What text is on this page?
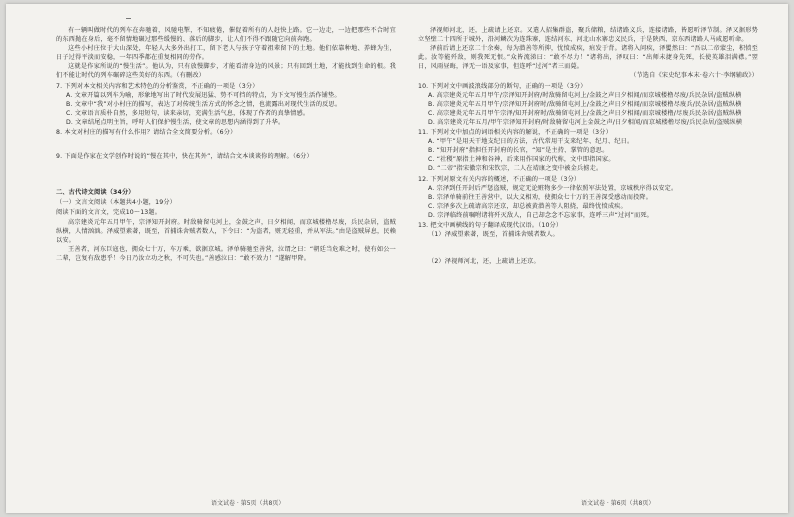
有一辆叫做时代的列车在奔驰着，风驰电掣，不知疲倦，催促着所有的人赶快上路。它一边走，一边把那些不合时宜的东西抛在身后，毫不留情地碾过那些缓慢的、落后的脚步，让人们不得不跟随它向前奔跑。

这些小村庄位于大山深处，年轻人大多外出打工，留下老人与孩子守着祖辈留下的土地。他们依靠种地、养蜂为生，日子过得平淡而安稳，一年四季都在重复相同的劳作。

这就是作家所说的“慢生活”。他认为，只有放慢脚步，才能看清身边的风景；只有回到土地，才能找到生命的根。我们不能让时代的列车碾碎这些美好的东西。（有删改）

7. 下列对本文相关内容和艺术特色的分析鉴赏，不正确的一项是（3分）

A. 文章开篇以列车为喻，形象地写出了时代发展迅猛、势不可挡的特点，为下文写慢生活作铺垫。

B. 文章中“我”对小村庄的描写，表达了对传统生活方式的怀念之情，也流露出对现代生活的反思。

C. 文章语言质朴自然，多用短句，读来亲切，充满生活气息，体现了作者的真挚情感。

D. 文章结尾点明主旨，呼吁人们保护慢生活，使文章的思想内涵得到了升华。

8. 本文对村庄的描写有什么作用？请结合全文简要分析。（6分）

9. 下面是作家在文学创作时说的“慢在其中，快在其外”，请结合文本谈谈你的理解。（6分）

二、古代诗文阅读（34分）

（一）文言文阅读（本题共4小题，19分）

阅读下面的文言文，完成10～13题。

高宗建炎元年五月甲午，宗泽知开封府。时敌骑留屯河上，金鼓之声，日夕相闻，而京城楼橹尽废，兵民杂居，盗贼纵横，人情汹汹。泽威望素著，既至，首捕诛舍贼者数人，下令曰：“为盗者，赃无轻重，并从军法。”由是盗贼屏息，民赖以安。

王善者，河东巨寇也，拥众七十万，车万乘，欲据京城。泽单骑驰至善营，泣谓之曰：“朝廷当危难之时，使有如公一二辈，岂复有敌患乎！今日乃汝立功之秋，不可失也。”善感泣曰：“敢不效力！”遂解甲降。

泽视师河北，还，上疏请上还京。又遣人招集群盗，聚兵储粮，结诸路义兵，连接诸路，皆愿听泽节制。泽又据形势立坚壁二十四所于城外，沿河鳞次为连珠寨，连结河东、河北山水寨忠义民兵，于是陕西、京东西诸路人马咸愿听命。

泽前后请上还京二十余奏，每为潜善等所抑，忧愤成疾，疽发于背。诸将入问疾，泽矍然曰：“吾以二帝蒙尘，积愤至此。汝等能歼敌，则我死无恨。”众皆流涕曰：“敢不尽力！”诸将出，泽叹曰：“出师未捷身先死，长使英雄泪满襟。”翌日，风雨昼晦，泽无一语及家事，但连呼“过河”者三而薨。

（节选自《宋史纪事本末·卷六十·李纲辅政》）

10. 下列对文中画波浪线部分的断句，正确的一项是（3分）

A. 高宗建炎元年五月甲午/宗泽知开封府/时敌骑留屯河上/金鼓之声日夕相闻/而京城楼橹尽废/兵民杂居/盗贼纵横

B. 高宗建炎元年五月甲午/宗泽知开封府时/敌骑留屯河上/金鼓之声日夕相闻/而京城楼橹尽废兵/民杂居/盗贼纵横

C. 高宗建炎元年五月甲午宗泽/知开封府时/敌骑留屯河上/金鼓之声日夕相闻/而京城楼橹/尽废兵民杂居/盗贼纵横

D. 高宗建炎元年五月/甲午宗泽知开封府/时敌骑留屯河上金鼓之声/日夕相闻/而京城楼橹尽废/兵民杂居/盗贼纵横

11. 下列对文中加点的词语相关内容的解说，不正确的一项是（3分）

A. “甲午”是用天干地支纪日的方法，古代常用干支来纪年、纪月、纪日。

B. “知开封府”指担任开封府的长官，“知”是主持、掌管的意思。

C. “社稷”原指土神和谷神，后来用作国家的代称，文中即指国家。

D. “二帝”指宋徽宗和宋钦宗，二人在靖康之变中被金兵掳走。

12. 下列对原文有关内容的概述，不正确的一项是（3分）

A. 宗泽到任开封后严惩盗贼，规定无论赃物多少一律依照军法处置，京城秩序得以安定。

B. 宗泽单骑前往王善营中，以大义相劝，使拥众七十万的王善深受感动而投降。

C. 宗泽多次上疏请高宗还京，却总被黄潜善等人阻挠，最终忧愤成疾。

D. 宗泽临终前嘱咐诸将歼灭敌人，自己却念念不忘家事，连呼三声“过河”而死。

13. 把文中画横线的句子翻译成现代汉语。（10分）

（1）泽威望素著，既至，首捕诛舍贼者数人。

（2）泽视师河北，还，上疏请上还京。

语文试卷 · 第5页（共8页）	语文试卷 · 第6页（共8页）
